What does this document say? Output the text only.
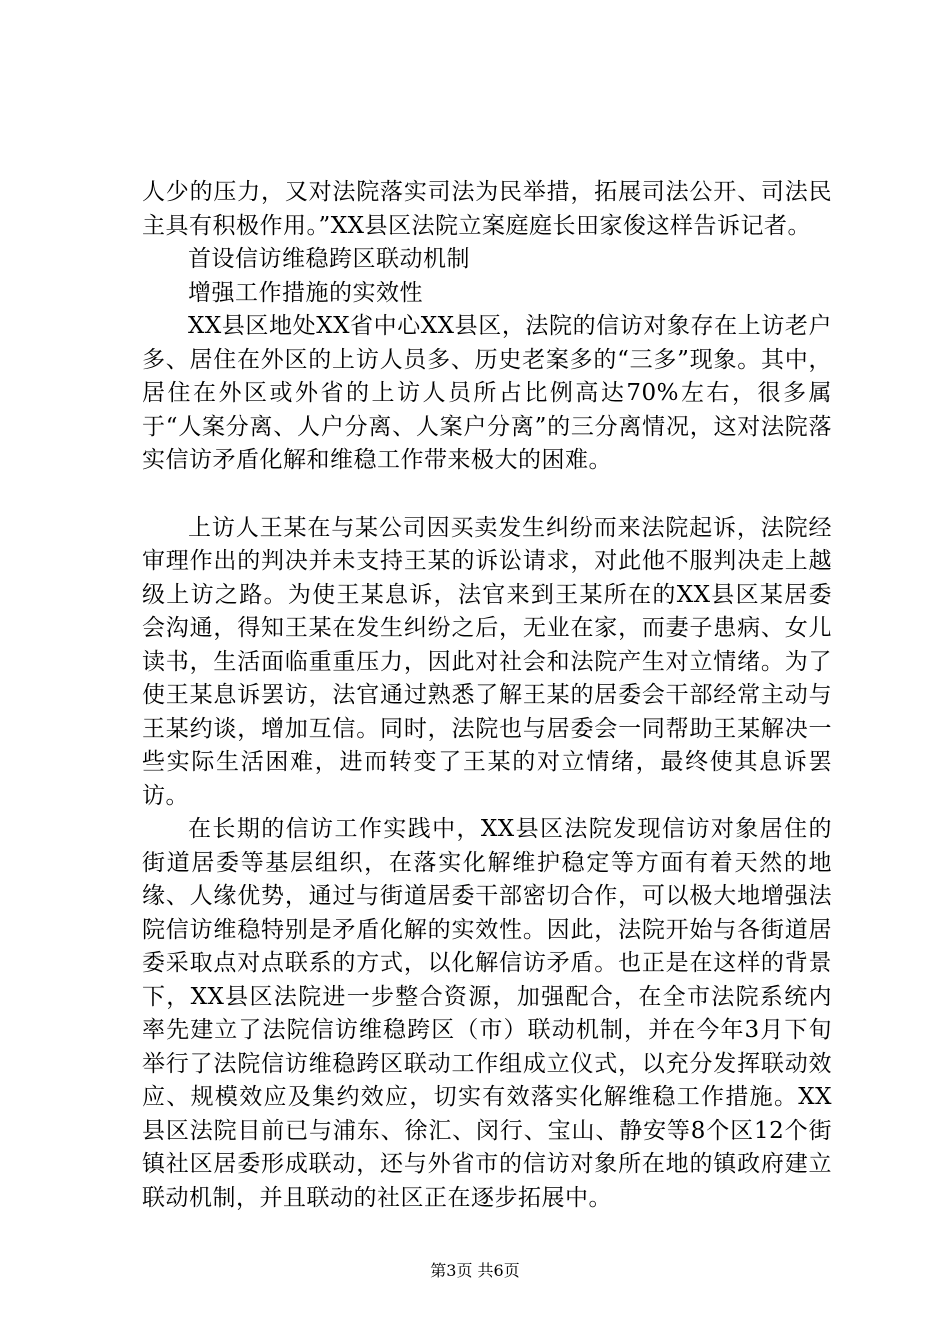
人少的压力，又对法院落实司法为民举措，拓展司法公开、司法民主具有积极作用。”XX县区法院立案庭庭长田家俊这样告诉记者。

首设信访维稳跨区联动机制

增强工作措施的实效性

XX县区地处XX省中心XX县区，法院的信访对象存在上访老户多、居住在外区的上访人员多、历史老案多的“三多”现象。其中，居住在外区或外省的上访人员所占比例高达70%左右，很多属于“人案分离、人户分离、人案户分离”的三分离情况，这对法院落实信访矛盾化解和维稳工作带来极大的困难。

上访人王某在与某公司因买卖发生纠纷而来法院起诉，法院经审理作出的判决并未支持王某的诉讼请求，对此他不服判决走上越级上访之路。为使王某息诉，法官来到王某所在的XX县区某居委会沟通，得知王某在发生纠纷之后，无业在家，而妻子患病、女儿读书，生活面临重重压力，因此对社会和法院产生对立情绪。为了使王某息诉罢访，法官通过熟悉了解王某的居委会干部经常主动与王某约谈，增加互信。同时，法院也与居委会一同帮助王某解决一些实际生活困难，进而转变了王某的对立情绪，最终使其息诉罢访。

在长期的信访工作实践中，XX县区法院发现信访对象居住的街道居委等基层组织，在落实化解维护稳定等方面有着天然的地缘、人缘优势，通过与街道居委干部密切合作，可以极大地增强法院信访维稳特别是矛盾化解的实效性。因此，法院开始与各街道居委采取点对点联系的方式，以化解信访矛盾。也正是在这样的背景下，XX县区法院进一步整合资源，加强配合，在全市法院系统内率先建立了法院信访维稳跨区（市）联动机制，并在今年3月下旬举行了法院信访维稳跨区联动工作组成立仪式，以充分发挥联动效应、规模效应及集约效应，切实有效落实化解维稳工作措施。XX县区法院目前已与浦东、徐汇、闵行、宝山、静安等8个区12个街镇社区居委形成联动，还与外省市的信访对象所在地的镇政府建立联动机制，并且联动的社区正在逐步拓展中。

第3页 共6页
